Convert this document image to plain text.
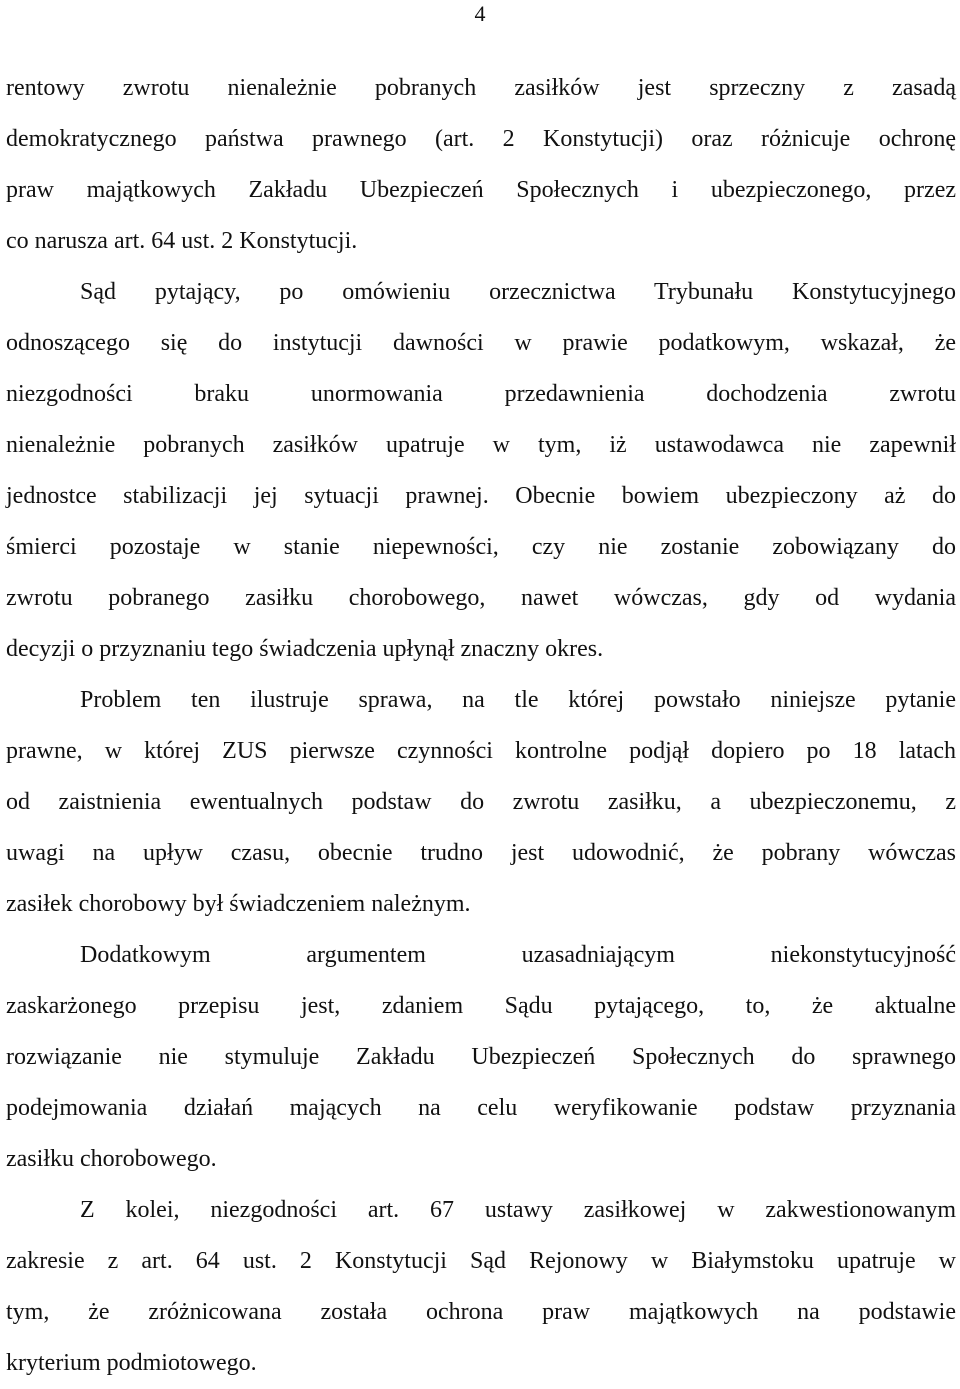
4
rentowy zwrotu nienależnie pobranych zasiłków jest sprzeczny z zasadą
demokratycznego państwa prawnego (art. 2 Konstytucji) oraz różnicuje ochronę
praw majątkowych Zakładu Ubezpieczeń Społecznych i ubezpieczonego, przez
co narusza art. 64 ust. 2 Konstytucji.
Sąd pytający, po omówieniu orzecznictwa Trybunału Konstytucyjnego
odnoszącego się do instytucji dawności w prawie podatkowym, wskazał, że
niezgodności braku unormowania przedawnienia dochodzenia zwrotu
nienależnie pobranych zasiłków upatruje w tym, iż ustawodawca nie zapewnił
jednostce stabilizacji jej sytuacji prawnej. Obecnie bowiem ubezpieczony aż do
śmierci pozostaje w stanie niepewności, czy nie zostanie zobowiązany do
zwrotu pobranego zasiłku chorobowego, nawet wówczas, gdy od wydania
decyzji o przyznaniu tego świadczenia upłynął znaczny okres.
Problem ten ilustruje sprawa, na tle której powstało niniejsze pytanie
prawne, w której ZUS pierwsze czynności kontrolne podjął dopiero po 18 latach
od zaistnienia ewentualnych podstaw do zwrotu zasiłku, a ubezpieczonemu, z
uwagi na upływ czasu, obecnie trudno jest udowodnić, że pobrany wówczas
zasiłek chorobowy był świadczeniem należnym.
Dodatkowym argumentem uzasadniającym niekonstytucyjność
zaskarżonego przepisu jest, zdaniem Sądu pytającego, to, że aktualne
rozwiązanie nie stymuluje Zakładu Ubezpieczeń Społecznych do sprawnego
podejmowania działań mających na celu weryfikowanie podstaw przyznania
zasiłku chorobowego.
Z kolei, niezgodności art. 67 ustawy zasiłkowej w zakwestionowanym
zakresie z art. 64 ust. 2 Konstytucji Sąd Rejonowy w Białymstoku upatruje w
tym, że zróżnicowana została ochrona praw majątkowych na podstawie
kryterium podmiotowego.
